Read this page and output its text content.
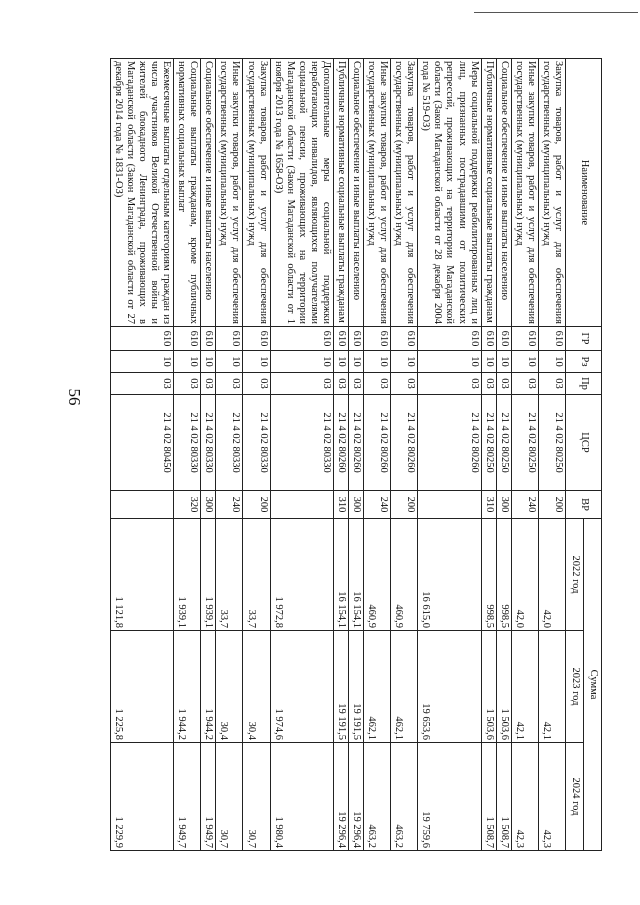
56
Наименование	ГР	Рз	Пр	ЦСР	ВР	Сумма		
						2022 год	2023 год	2024 год
Закупка товаров, работ и услуг для обеспечения государственных (муниципальных) нужд	610	10	03	21 4 02 80250	200	42,0	42,1	42,3
Иные закупки товаров, работ и услуг для обеспечения государственных (муниципальных) нужд	610	10	03	21 4 02 80250	240	42,0	42,1	42,3
Социальное обеспечение и иные выплаты населению	610	10	03	21 4 02 80250	300	998,5	1 503,6	1 508,7
Публичные нормативные социальные выплаты гражданам	610	10	03	21 4 02 80250	310	998,5	1 503,6	1 508,7
Меры социальной поддержки реабилитированных лиц и лиц, признанных пострадавшими от политических репрессий, проживающих на территории Магаданской области (Закон Магаданской области от 28 декабря 2004 года № 519-ОЗ)	610	10	03	21 4 02 80260		16 615,0	19 653,6	19 759,6
Закупка товаров, работ и услуг для обеспечения государственных (муниципальных) нужд	610	10	03	21 4 02 80260	200	460,9	462,1	463,2
Иные закупки товаров, работ и услуг для обеспечения государственных (муниципальных) нужд	610	10	03	21 4 02 80260	240	460,9	462,1	463,2
Социальное обеспечение и иные выплаты населению	610	10	03	21 4 02 80260	300	16 154,1	19 191,5	19 296,4
Публичные нормативные социальные выплаты гражданам	610	10	03	21 4 02 80260	310	16 154,1	19 191,5	19 296,4
Дополнительные меры социальной поддержки неработающих инвалидов, являющихся получателями социальной пенсии, проживающих на территории Магаданской области (Закон Магаданской области от 1 ноября 2013 года № 1658-ОЗ)	610	10	03	21 4 02 80330		1 972,8	1 974,6	1 980,4
Закупка товаров, работ и услуг для обеспечения государственных (муниципальных) нужд	610	10	03	21 4 02 80330	200	33,7	30,4	30,7
Иные закупки товаров, работ и услуг для обеспечения государственных (муниципальных) нужд	610	10	03	21 4 02 80330	240	33,7	30,4	30,7
Социальное обеспечение и иные выплаты населению	610	10	03	21 4 02 80330	300	1 939,1	1 944,2	1 949,7
Социальные выплаты гражданам, кроме публичных нормативных социальных выплат	610	10	03	21 4 02 80330	320	1 939,1	1 944,2	1 949,7
Ежемесячные выплаты отдельным категориям граждан из числа участников Великой Отечественной войны и жителей блокадного Ленинграда, проживающих в Магаданской области (Закон Магаданской области от 27 декабря 2014 года № 1831-ОЗ)	610	10	03	21 4 02 80450		1 121,8	1 225,8	1 229,9
